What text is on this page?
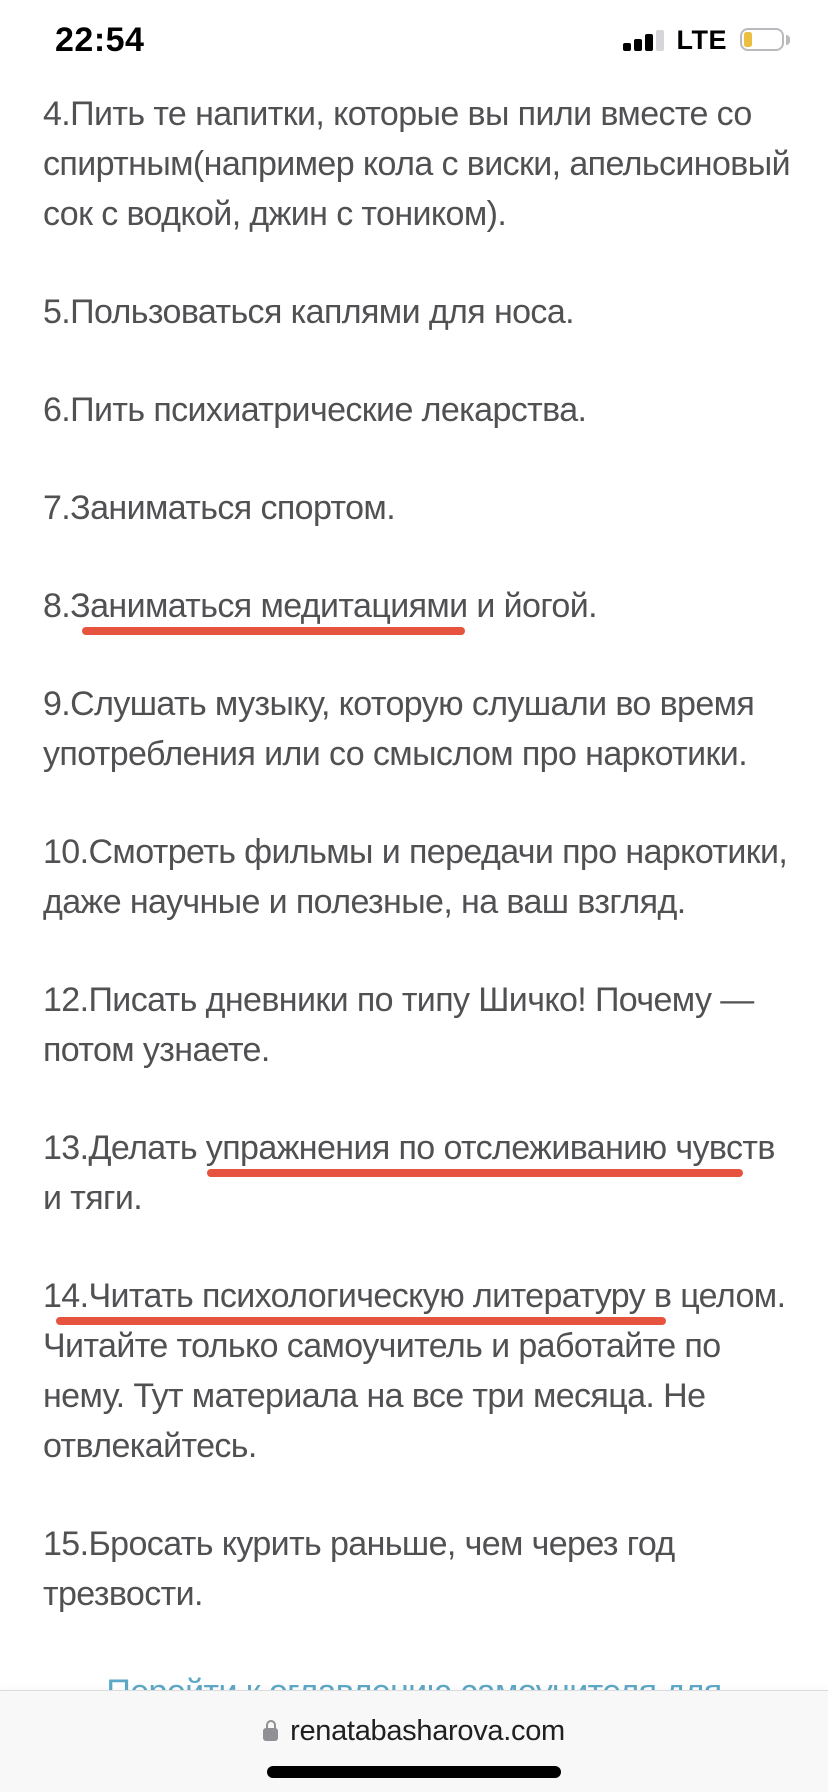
22:54	LTE
4.Пить те напитки, которые вы пили вместе со
спиртным(например кола с виски, апельсиновый
сок с водкой, джин с тоником).
5.Пользоваться каплями для носа.
6.Пить психиатрические лекарства.
7.Заниматься спортом.
8.Заниматься медитациями и йогой.
9.Слушать музыку, которую слушали во время
употребления или со смыслом про наркотики.
10.Смотреть фильмы и передачи про наркотики,
даже научные и полезные, на ваш взгляд.
12.Писать дневники по типу Шичко! Почему —
потом узнаете.
13.Делать упражнения по отслеживанию чувств
и тяги.
14.Читать психологическую литературу в целом.
Читайте только самоучитель и работайте по
нему. Тут материала на все три месяца. Не
отвлекайтесь.
15.Бросать курить раньше, чем через год
трезвости.
renatabasharova.com
